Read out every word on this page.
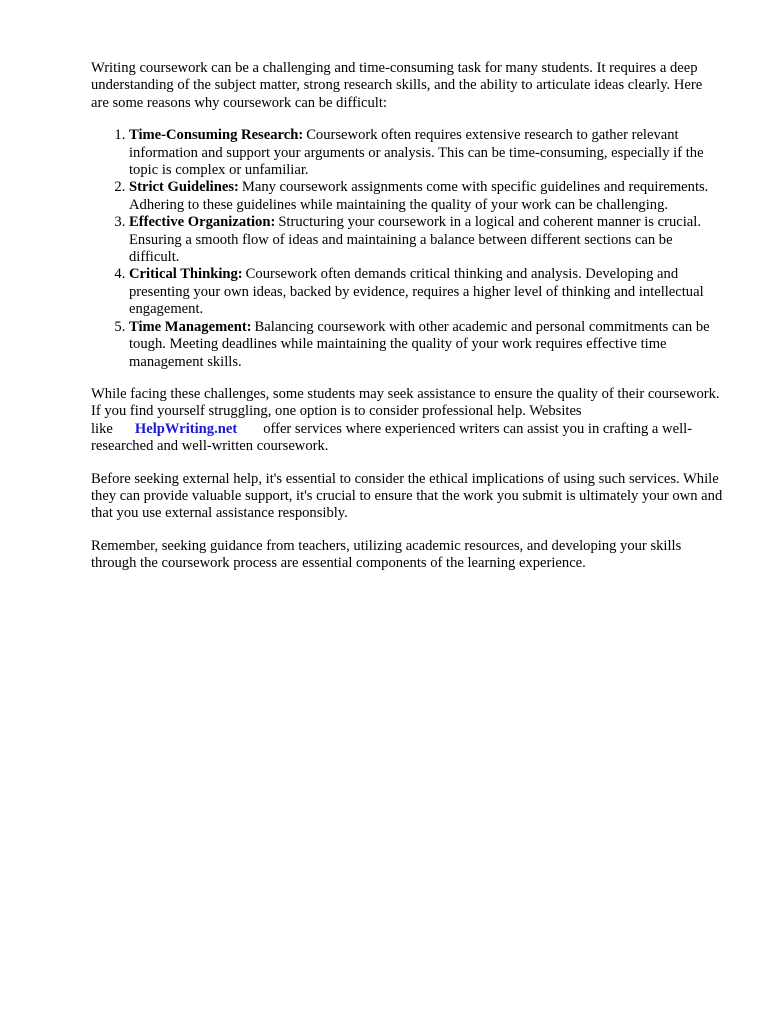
Writing coursework can be a challenging and time-consuming task for many students. It requires a deep understanding of the subject matter, strong research skills, and the ability to articulate ideas clearly. Here are some reasons why coursework can be difficult:

1. Time-Consuming Research: Coursework often requires extensive research to gather relevant information and support your arguments or analysis. This can be time-consuming, especially if the topic is complex or unfamiliar.
2. Strict Guidelines: Many coursework assignments come with specific guidelines and requirements. Adhering to these guidelines while maintaining the quality of your work can be challenging.
3. Effective Organization: Structuring your coursework in a logical and coherent manner is crucial. Ensuring a smooth flow of ideas and maintaining a balance between different sections can be difficult.
4. Critical Thinking: Coursework often demands critical thinking and analysis. Developing and presenting your own ideas, backed by evidence, requires a higher level of thinking and intellectual engagement.
5. Time Management: Balancing coursework with other academic and personal commitments can be tough. Meeting deadlines while maintaining the quality of your work requires effective time management skills.

While facing these challenges, some students may seek assistance to ensure the quality of their coursework. If you find yourself struggling, one option is to consider professional help. Websites like HelpWriting.net offer services where experienced writers can assist you in crafting a well-researched and well-written coursework.

Before seeking external help, it's essential to consider the ethical implications of using such services. While they can provide valuable support, it's crucial to ensure that the work you submit is ultimately your own and that you use external assistance responsibly.

Remember, seeking guidance from teachers, utilizing academic resources, and developing your skills through the coursework process are essential components of the learning experience.
